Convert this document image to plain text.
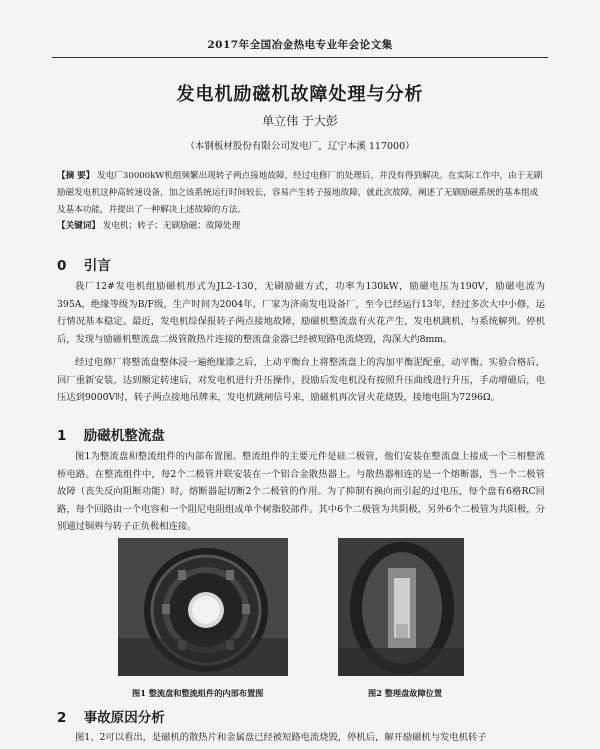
2017年全国冶金热电专业年会论文集
发电机励磁机故障处理与分析
单立伟 于大彭
（本钢板材股份有限公司发电厂，辽宁本溪 117000）
【摘 要】 发电厂30000kW机组频繁出现转子两点接地故障，经过电修厂的处理后，并没有得到解决。在实际工作中，由于无刷励磁发电机这种高转速设备，加之该系统运行时间较长，容易产生转子接地故障，就此次故障，阐述了无刷励磁系统的基本组成及基本功能，并提出了一种解决上述故障的方法。
【关键词】 发电机；转子；无刷励磁；故障处理
0 引言
我厂12#发电机组励磁机形式为JL2-130，无刷励磁方式，功率为130kW，励磁电压为190V，励磁电流为395A，绝缘等级为B/F级，生产时间为2004年，厂家为济南发电设备厂，至今已经运行13年，经过多次大中小修，运行情况基本稳定。最近，发电机综保报转子两点接地故障，励磁机整流盘有火花产生，发电机跳机，与系统解列。停机后，发现与励磁机整流盘二级管散热片连接的整流盘金器已经被短路电流烧毁，沟深大约8mm。
经过电修厂将整流盘整体浸一遍绝缘漆之后，上动平衡台上将整流盘上的沟加平衡泥配重，动平衡、实验合格后，回厂重新安装，达到额定转速后，对发电机进行升压操作，投励后发电机没有按照升压曲线进行升压，手动增磁后，电压达到9000V时，转子两点接地吊牌来，发电机跳闸信号来，励磁机再次冒火花烧毁，接地电阻为7296Ω。
1 励磁机整流盘
图1为整流盘和整流组件的内部布置图。整流组件的主要元件是硅二极管，他们安装在整流盘上接成一个三相整流桥电路。在整流组件中，每2个二极管并联安装在一个铝合金散热器上。与散热器相连的是一个熔断器，当一个二极管故障（丧失反向阻断功能）时，熔断器起切断2个二极管的作用。为了抑制有换向而引起的过电压，每个盘有6格RC回路，每个回路由一个电容和一个阻尼电阻组成单个树脂胶部件。其中6个二极管为共阴极，另外6个二极管为共阳极，分别通过铜辫与转子正负极相连接。
图1 整流盘和整流组件的内部布置图	图2 整理盘故障位置
2 事故原因分析
图1、2可以看出，是磁机的散热片和金属盘已经被短路电流烧毁，停机后，解开励磁机与发电机转子
